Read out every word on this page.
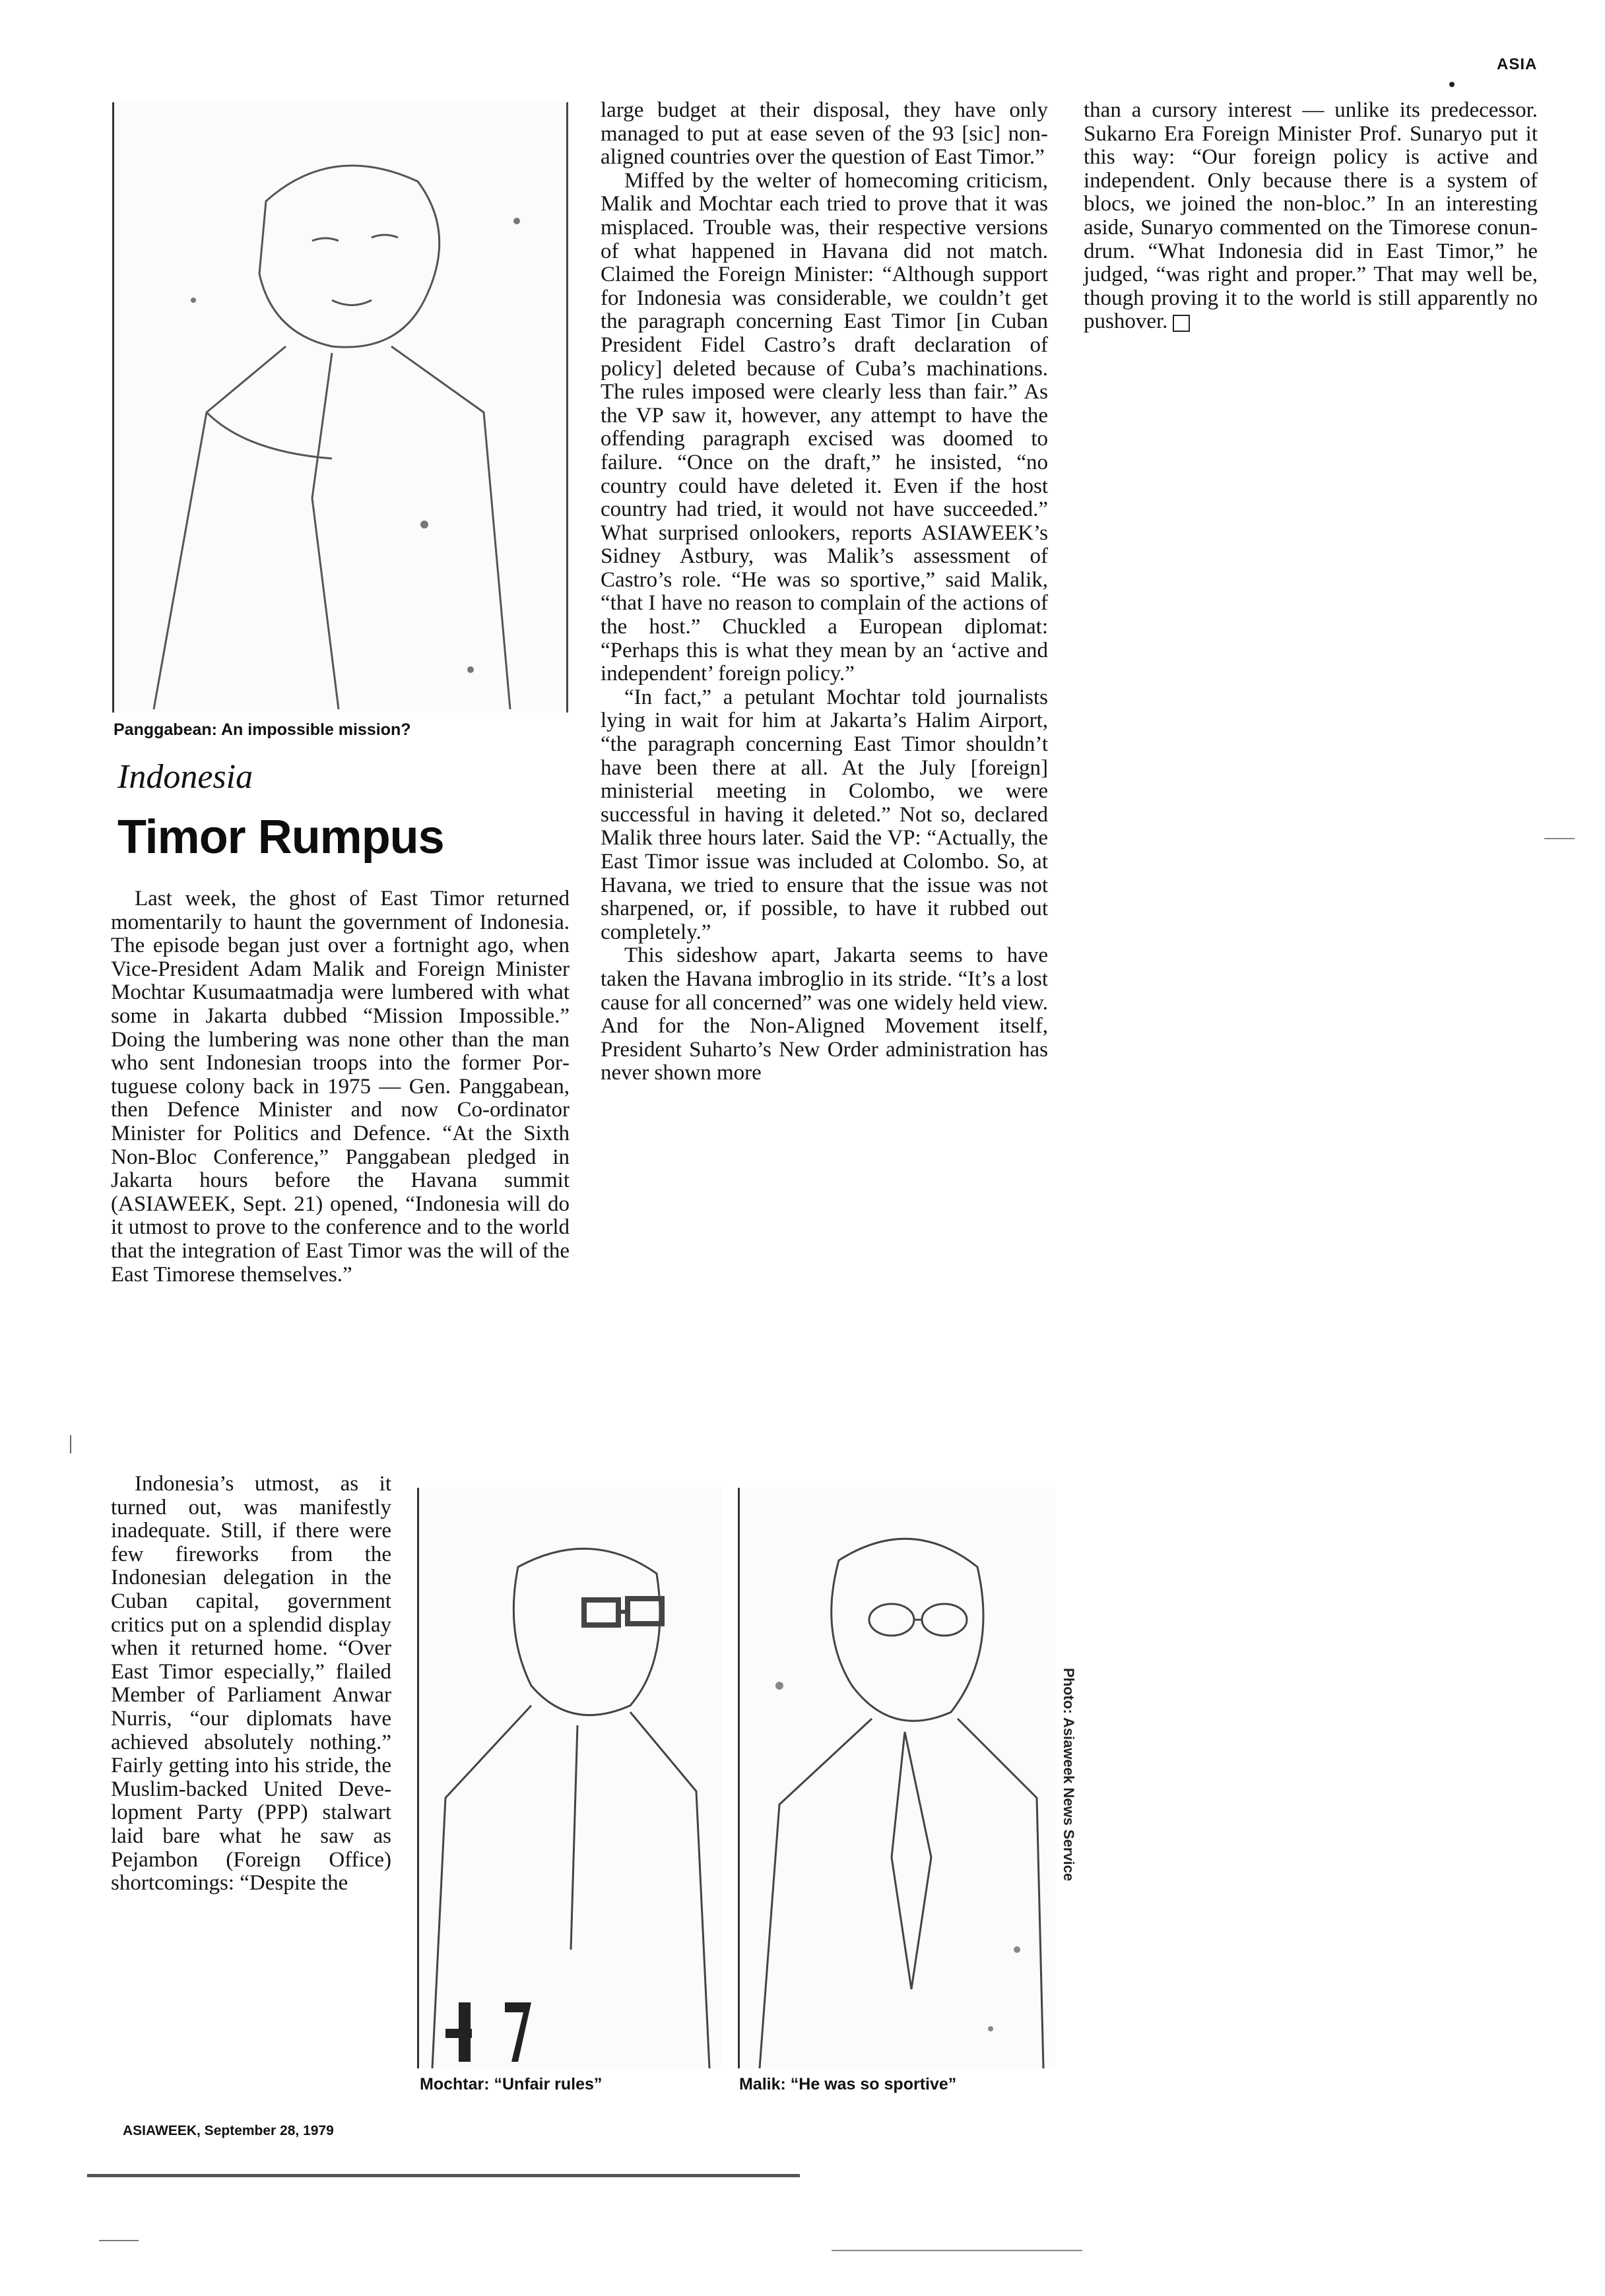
ASIA
Panggabean: An impossible mission?
Indonesia
Timor Rumpus

Last week, the ghost of East Timor returned momentarily to haunt the government of Indonesia. The episode began just over a fortnight ago, when Vice-President Adam Malik and Foreign Minister Mochtar Kusumaatmadja were lumbered with what some in Jakarta dubbed “Mission Impossible.” Doing the lumbering was none other than the man who sent Indonesian troops into the former Portuguese colony back in 1975 — Gen. Panggabean, then Defence Minister and now Co-ordinator Minister for Politics and Defence. “At the Sixth Non-Bloc Conference,” Panggabean pledged in Jakarta hours before the Havana summit (ASIAWEEK, Sept. 21) opened, “Indonesia will do it utmost to prove to the conference and to the world that the integration of East Timor was the will of the East Timorese themselves.”

Indonesia’s utmost, as it turned out, was manifestly inadequate. Still, if there were few fireworks from the Indonesian delegation in the Cuban capital, government critics put on a splendid display when it returned home. “Over East Timor especially,” flailed Member of Parliament Anwar Nurris, “our diplomats have achieved absolutely nothing.” Fairly getting into his stride, the Muslim-backed United Development Party (PPP) stalwart laid bare what he saw as Pejambon (Foreign Office) shortcomings: “Despite the

large budget at their disposal, they have only managed to put at ease seven of the 93 [sic] non-aligned countries over the question of East Timor.”

Miffed by the welter of homecoming criticism, Malik and Mochtar each tried to prove that it was misplaced. Trouble was, their respective versions of what happened in Havana did not match. Claimed the Foreign Minister: “Although support for Indonesia was considerable, we couldn’t get the paragraph concerning East Timor [in Cuban President Fidel Castro’s draft declaration of policy] deleted because of Cuba’s machinations. The rules imposed were clearly less than fair.” As the VP saw it, however, any attempt to have the offending paragraph excised was doomed to failure. “Once on the draft,” he insisted, “no country could have deleted it. Even if the host country had tried, it would not have succeeded.” What surprised onlookers, reports ASIAWEEK’s Sidney Astbury, was Malik’s assessment of Castro’s role. “He was so sportive,” said Malik, “that I have no reason to complain of the actions of the host.” Chuckled a European diplomat: “Perhaps this is what they mean by an ‘active and independent’ foreign policy.”

“In fact,” a petulant Mochtar told journalists lying in wait for him at Jakarta’s Halim Airport, “the paragraph concerning East Timor shouldn’t have been there at all. At the July [foreign] ministerial meeting in Colombo, we were successful in having it deleted.” Not so, declared Malik three hours later. Said the VP: “Actually, the East Timor issue was included at Colombo. So, at Havana, we tried to ensure that the issue was not sharpened, or, if possible, to have it rubbed out completely.”

This sideshow apart, Jakarta seems to have taken the Havana imbroglio in its stride. “It’s a lost cause for all concerned” was one widely held view. And for the Non-Aligned Movement itself, President Suharto’s New Order administration has never shown more

than a cursory interest — unlike its predecessor. Sukarno Era Foreign Minister Prof. Sunaryo put it this way: “Our foreign policy is active and independent. Only because there is a system of blocs, we joined the non-bloc.” In an interesting aside, Sunaryo commented on the Timorese conundrum. “What Indonesia did in East Timor,” he judged, “was right and proper.” That may well be, though proving it to the world is still apparently no pushover.

Photo: Asiaweek News Service
Mochtar: “Unfair rules”	Malik: “He was so sportive”
ASIAWEEK, September 28, 1979
